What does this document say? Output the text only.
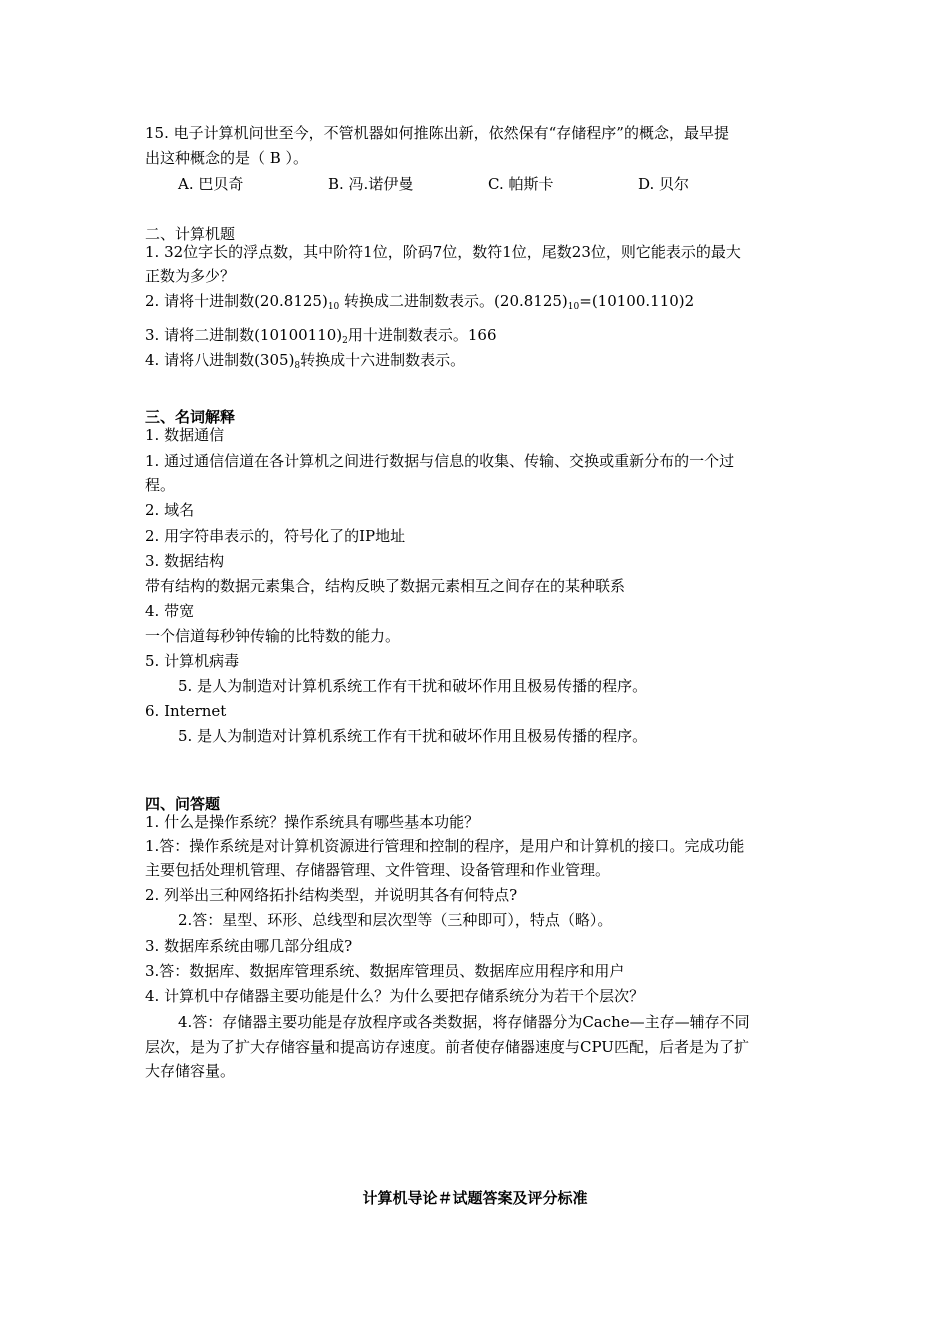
15. 电子计算机问世至今，不管机器如何推陈出新，依然保有“存储程序”的概念，最早提
出这种概念的是（ B ）。
A. 巴贝奇	B. 冯.诺伊曼	C. 帕斯卡	D. 贝尔
二、计算机题
1. 32位字长的浮点数，其中阶符1位，阶码7位，数符1位，尾数23位，则它能表示的最大
正数为多少？
2. 请将十进制数$(20.8125)_{10}$ 转换成二进制数表示。$(20.8125)_{10}=(10100.110)2$
3. 请将二进制数$(10100110)_2$用十进制数表示。166
4. 请将八进制数$(305)_8$转换成十六进制数表示。
三、名词解释
1. 数据通信
1. 通过通信信道在各计算机之间进行数据与信息的收集、传输、交换或重新分布的一个过
程。
2. 域名
2. 用字符串表示的，符号化了的IP地址
3. 数据结构
带有结构的数据元素集合，结构反映了数据元素相互之间存在的某种联系
4. 带宽
一个信道每秒钟传输的比特数的能力。
5. 计算机病毒
5. 是人为制造对计算机系统工作有干扰和破坏作用且极易传播的程序。
6. Internet
5. 是人为制造对计算机系统工作有干扰和破坏作用且极易传播的程序。
四、问答题
1. 什么是操作系统？操作系统具有哪些基本功能？
1.答：操作系统是对计算机资源进行管理和控制的程序，是用户和计算机的接口。完成功能
主要包括处理机管理、存储器管理、文件管理、设备管理和作业管理。
2. 列举出三种网络拓扑结构类型，并说明其各有何特点?
2.答：星型、环形、总线型和层次型等（三种即可），特点（略）。
3. 数据库系统由哪几部分组成?
3.答：数据库、数据库管理系统、数据库管理员、数据库应用程序和用户
4. 计算机中存储器主要功能是什么？为什么要把存储系统分为若干个层次？
4.答：存储器主要功能是存放程序或各类数据，将存储器分为Cache—主存—辅存不同
层次，是为了扩大存储容量和提高访存速度。前者使存储器速度与CPU匹配，后者是为了扩
大存储容量。
计算机导论＃试题答案及评分标准
